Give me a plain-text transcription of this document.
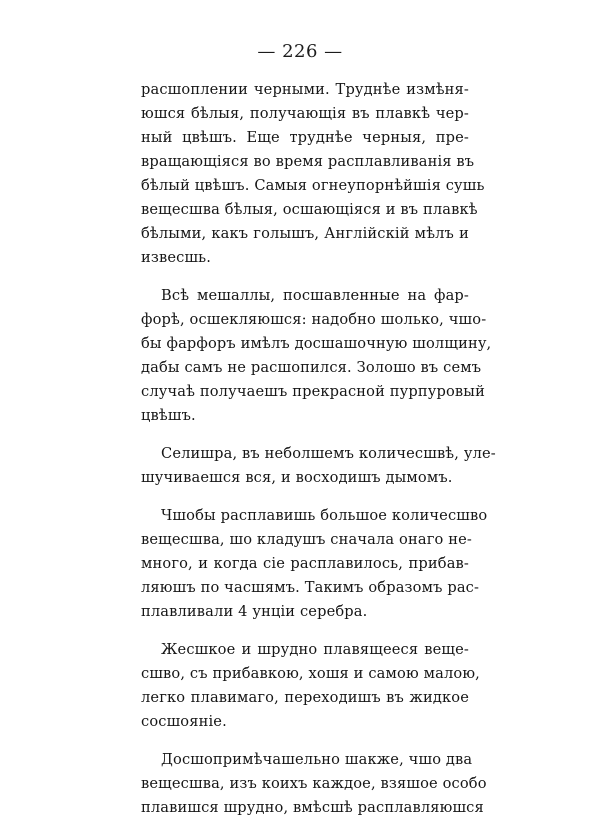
— 226 —
расшоплении черными. Труднѣе измѣня-
юшся бѣлыя, получающія въ плавкѣ чер-
ный цвѣшъ. Еще труднѣе черныя, пре-
вращающіяся во время расплавливанія въ
бѣлый цвѣшъ. Самыя огнеупорнѣйшія сушь
вещесшва бѣлыя, осшающіяся и въ плавкѣ
бѣлыми, какъ голышъ, Англійскій мѣлъ и
извесшь.
Всѣ мешаллы, посшавленные на фар-
форѣ, осшекляюшся: надобно шолько, чшо-
бы фарфоръ имѣлъ досшашочную шолщину,
дабы самъ не расшопился. Золошо въ семъ
случаѣ получаешъ прекрасной пурпуровый
цвѣшъ.
Селишра, въ неболшемъ количесшвѣ, уле-
шучиваешся вся, и восходишъ дымомъ.
Чшобы расплавишь большое количесшво
вещесшва, шо кладушъ сначала онаго не-
много, и когда сіе расплавилось, прибав-
ляюшъ по часшямъ. Такимъ образомъ рас-
плавливали 4 унціи серебра.
Жесшкое и шрудно плавящееся веще-
сшво, съ прибавкою, хошя и самою малою,
легко плавимаго, переходишъ въ жидкое
сосшояніе.
Досшопримѣчашельно шакже, чшо два
вещесшва, изъ коихъ каждое, взяшое особо
плавишся шрудно, вмѣсшѣ расплавляюшся
